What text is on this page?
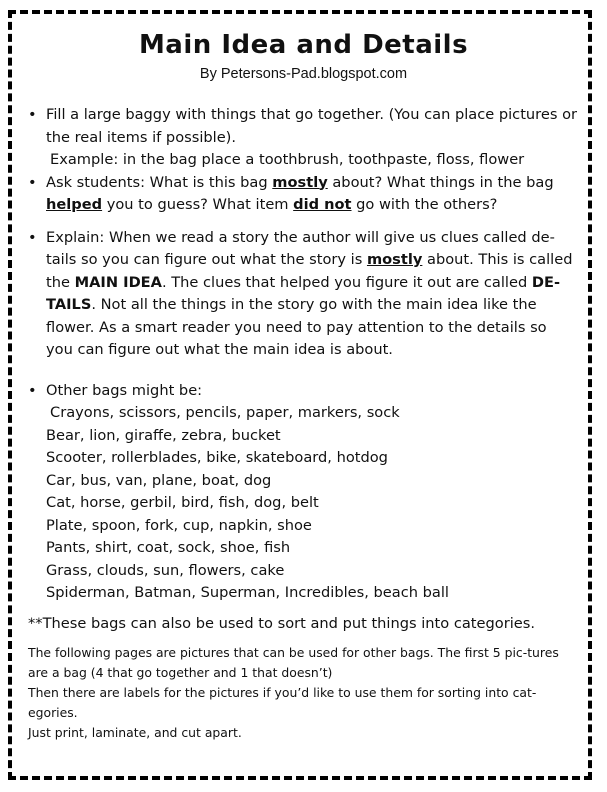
Main Idea and Details
By Petersons-Pad.blogspot.com
• Fill a large baggy with things that go together. (You can place pictures or the real items if possible).
Example: in the bag place a toothbrush, toothpaste, floss, flower
• Ask students: What is this bag mostly about? What things in the bag helped you to guess? What item did not go with the others?
• Explain: When we read a story the author will give us clues called de-tails so you can figure out what the story is mostly about. This is called the MAIN IDEA. The clues that helped you figure it out are called DE-TAILS. Not all the things in the story go with the main idea like the flower. As a smart reader you need to pay attention to the details so you can figure out what the main idea is about.
• Other bags might be:
Crayons, scissors, pencils, paper, markers, sock
Bear, lion, giraffe, zebra, bucket
Scooter, rollerblades, bike, skateboard, hotdog
Car, bus, van, plane, boat, dog
Cat, horse, gerbil, bird, fish, dog, belt
Plate, spoon, fork, cup, napkin, shoe
Pants, shirt, coat, sock, shoe, fish
Grass, clouds, sun, flowers, cake
Spiderman, Batman, Superman, Incredibles, beach ball
**These bags can also be used to sort and put things into categories.
The following pages are pictures that can be used for other bags. The first 5 pic-tures are a bag (4 that go together and 1 that doesn’t)
Then there are labels for the pictures if you’d like to use them for sorting into cat-egories.
Just print, laminate, and cut apart.
